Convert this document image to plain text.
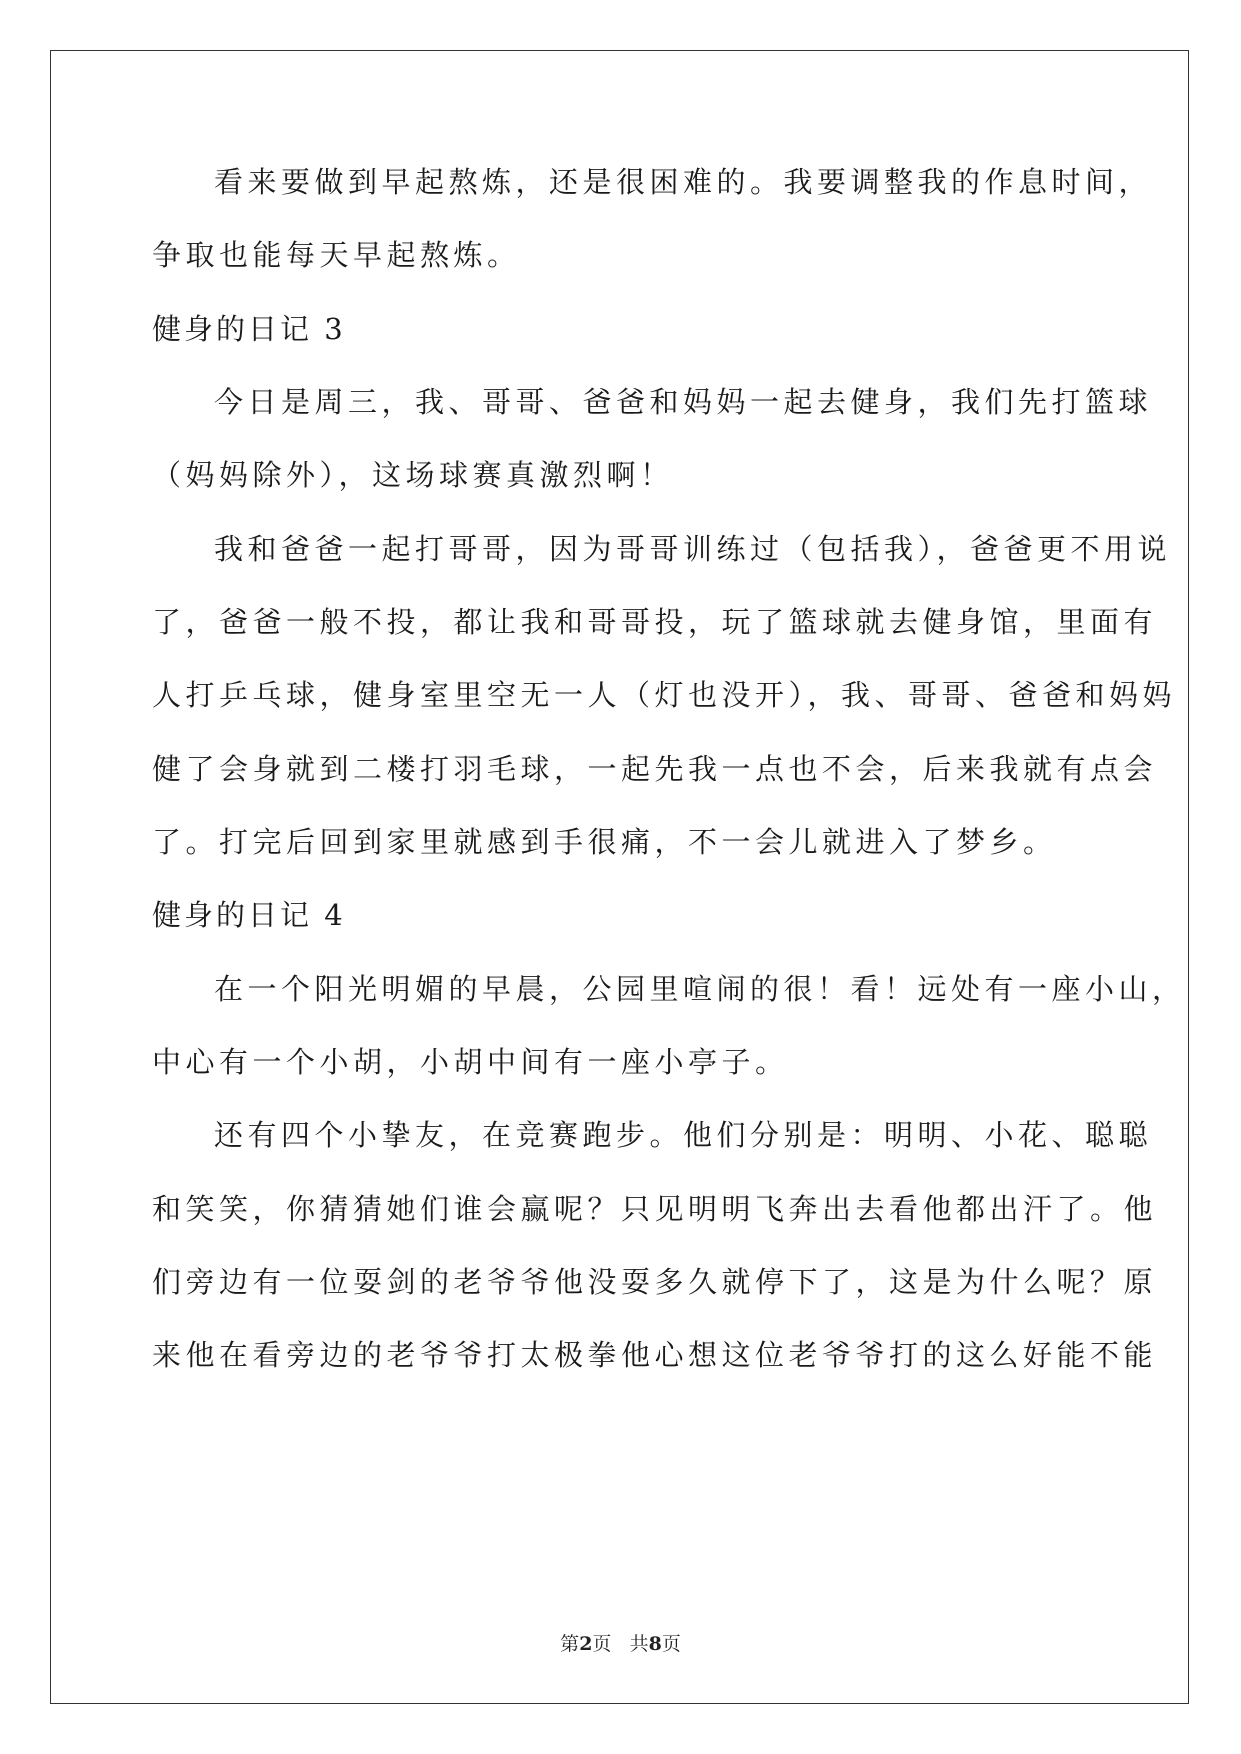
看来要做到早起熬炼，还是很困难的。我要调整我的作息时间，
争取也能每天早起熬炼。
健身的日记 3
今日是周三，我、哥哥、爸爸和妈妈一起去健身，我们先打篮球
（妈妈除外），这场球赛真激烈啊！
我和爸爸一起打哥哥，因为哥哥训练过（包括我），爸爸更不用说
了，爸爸一般不投，都让我和哥哥投，玩了篮球就去健身馆，里面有
人打乒乓球，健身室里空无一人（灯也没开），我、哥哥、爸爸和妈妈
健了会身就到二楼打羽毛球，一起先我一点也不会，后来我就有点会
了。打完后回到家里就感到手很痛，不一会儿就进入了梦乡。
健身的日记 4
在一个阳光明媚的早晨，公园里喧闹的很！看！远处有一座小山，
中心有一个小胡，小胡中间有一座小亭子。
还有四个小挚友，在竞赛跑步。他们分别是：明明、小花、聪聪
和笑笑，你猜猜她们谁会赢呢？只见明明飞奔出去看他都出汗了。他
们旁边有一位耍剑的老爷爷他没耍多久就停下了，这是为什么呢？原
来他在看旁边的老爷爷打太极拳他心想这位老爷爷打的这么好能不能
第2页 共8页
